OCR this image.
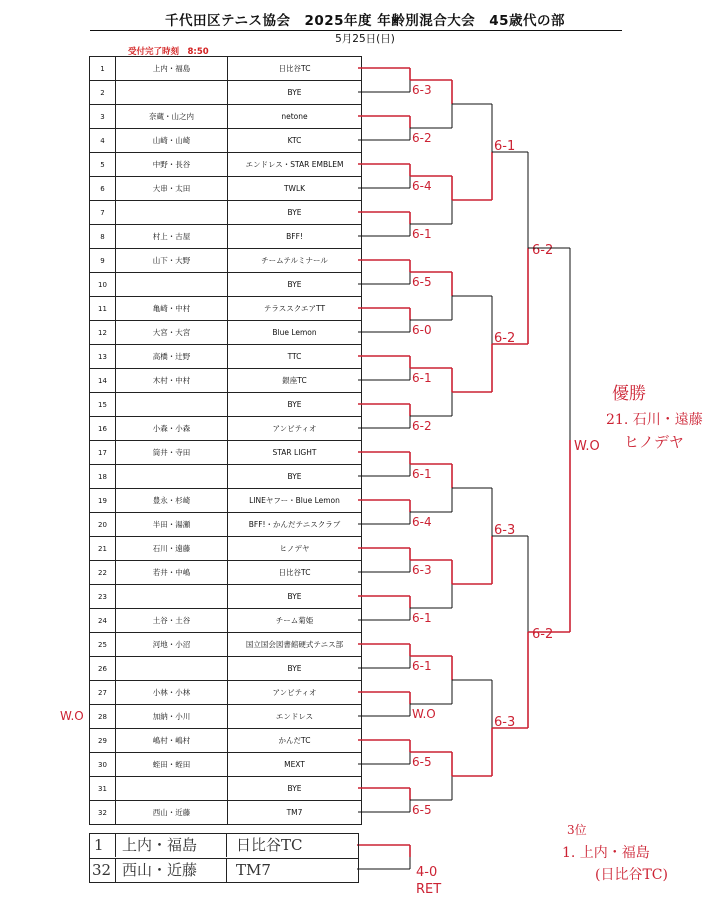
千代田区テニス協会　2025年度 年齢別混合大会　45歳代の部
5月25日(日)
受付完了時刻　8:50
1	上内・福島	日比谷TC
2		BYE
3	奈蔵・山之内	netone
4	山崎・山崎	KTC
5	中野・長谷	エンドレス・STAR EMBLEM
6	大串・太田	TWLK
7		BYE
8	村上・古屋	BFF!
9	山下・大野	チームテルミナール
10		BYE
11	亀崎・中村	テラススクエアTT
12	大宮・大宮	Blue Lemon
13	高橋・辻野	TTC
14	木村・中村	銀座TC
15		BYE
16	小森・小森	アンビティオ
17	筒井・寺田	STAR LIGHT
18		BYE
19	豊永・杉崎	LINEヤフー・Blue Lemon
20	半田・湯瀬	BFF!・かんだテニスクラブ
21	石川・遠藤	ヒノデヤ
22	若井・中嶋	日比谷TC
23		BYE
24	土谷・土谷	チーム菊姫
25	河地・小沼	国立国会図書館硬式テニス部
26		BYE
27	小林・小林	アンビティオ
28	加納・小川	エンドレス
29	嶋村・嶋村	かんだTC
30	蛭田・蛭田	MEXT
31		BYE
32	西山・近藤	TM7
6-3
6-2
6-4
6-1
6-5
6-0
6-1
6-2
6-1
6-4
6-3
6-1
6-1
W.O
6-5
6-5
6-1
6-2
6-3
6-3
6-2
6-2
W.O
W.O
優勝
21. 石川・遠藤
ヒノデヤ
4-0
RET
3位
1. 上内・福島
(日比谷TC)
1	上内・福島	日比谷TC
32 西山・近藤	TM7
